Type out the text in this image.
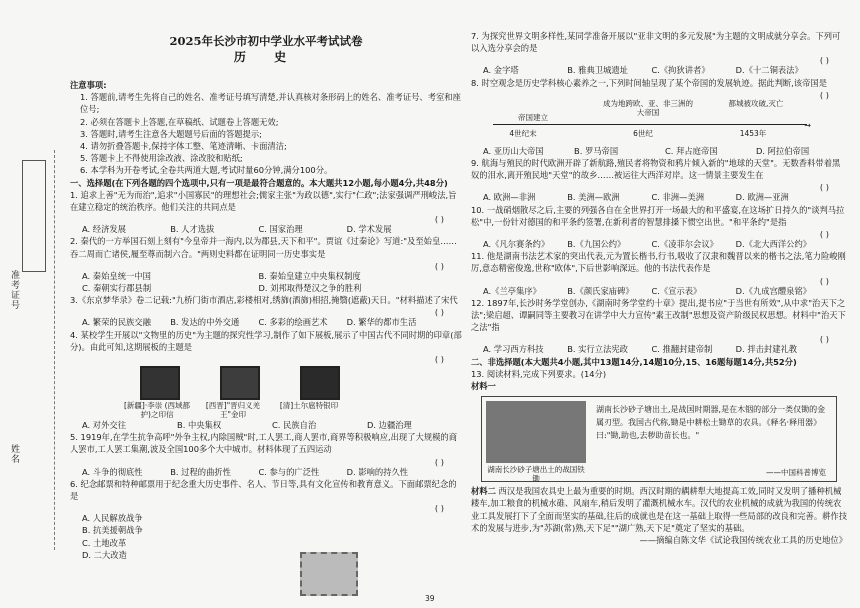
准考证号
姓名
2025年长沙市初中学业水平考试试卷
历 史
注意事项:
1. 答题前,请考生先将自己的姓名、准考证号填写清楚,并认真核对条形码上的姓名、准考证号、考室和座位号;
2. 必须在答题卡上答题,在草稿纸、试题卷上答题无效;
3. 答题时,请考生注意各大题题号后面的答题提示;
4. 请勿折叠答题卡,保持字体工整、笔迹清晰、卡面清洁;
5. 答题卡上不得使用涂改液、涂改胶和贴纸;
6. 本学科为开卷考试,全卷共两道大题,考试时量60分钟,满分100分。
一、选择题(在下列各题的四个选项中,只有一项是最符合题意的。本大题共12小题,每小题4分,共48分)
1. 追求上善"无为而治",追求"小国寡民"的理想社会;儒家主张"为政以德",实行"仁政";法家强调严刑峻法,旨在建立稳定的统治秩序。他们关注的共同点是
( )
A. 经济发展	B. 人才选拔	C. 国家治理	D. 学术发展
2. 秦代的一方举国石刻上刻有"今皇帝并一海内,以为郡县,天下和平"。贾谊《过秦论》写道:"及至始皇……吞二周而亡诸侯,履至尊而制六合。"两则史料都在证明同一历史事实是
( )
A. 秦始皇统一中国	B. 秦始皇建立中央集权制度
C. 秦朝实行郡县制	D. 刘邦取得楚汉之争的胜利
3.《东京梦华录》卷二记载:"九桥门街市酒店,彩楼相对,绣旆(酒旆)相招,掩翳(遮蔽)天日。"材料描述了宋代
( )
A. 繁荣的民族交融	B. 发达的中外交通	C. 多彩的绘画艺术	D. 繁华的都市生活
4. 某校学生开展以"文物里的历史"为主题的探究性学习,制作了如下展板,展示了中国古代不同时期的印章(部分)。由此可知,这期展板的主题是
( )
[新疆]·李崇 (西域都护)之印信
[西晋]"晋归义羌王"金印
[清]土尔扈特银印
A. 对外交往	B. 中央集权	C. 民族自治	D. 边疆治理
5. 1919年,在学生抗争高呼"外争主权,内除国贼"时,工人罢工,商人罢市,商界等积极响应,出现了大规模的商人罢市,工人罢工集潮,波及全国100多个大中城市。材料体现了五四运动
( )
A. 斗争的彻底性	B. 过程的曲折性	C. 参与的广泛性	D. 影响的持久性
6. 纪念邮票和特种邮票用于纪念重大历史事件、名人、节日等,具有文化宣传和教育意义。下面邮票纪念的是
( )
A. 人民解放战争
B. 抗美援朝战争
C. 土地改革
D. 二大改造
7. 为探究世界文明多样性,某同学准备开展以"亚非文明的多元发展"为主题的文明成就分享会。下列可以入选分享会的是
( )
A. 金字塔	B. 雅典卫城遗址	C.《拘狄讲者》	D.《十二铜表法》
8. 时空观念是历史学科核心素养之一,下列时间轴呈现了某个帝国的发展轨迹。据此判断,该帝国是
( )
→
帝国建立
成为地跨欧、亚、非三洲的大帝国
都城被攻破,灭亡
4世纪末	6世纪	1453年
A. 亚历山大帝国	B. 罗马帝国	C. 拜占庭帝国	D. 阿拉伯帝国
9. 航海与殖民的时代欧洲开辟了新航路,殖民者将物资和鸦片倾入新的"地球的天堂"。无数香料带着黑奴的泪水,离开殖民地"天堂"的故乡……被运往大西洋对岸。这一情景主要发生在
( )
A. 欧洲—非洲	B. 美洲—欧洲	C. 非洲—美洲	D. 欧洲—亚洲
10. 一战硝烟散尽之后,主要的列强各自在全世界打开一场最大的和平盛宴,在这场扩日持久的"谈判马拉松"中,一份针对德国的和平条约签署,在新利者的智慧排搡下惯空出世。"和平条约"是指
( )
A.《凡尔赛条约》	B.《九国公约》	C.《凌菲尔会议》	D.《北大西洋公约》
11. 他是湖南书法艺术家的突出代表,元为置长楷书,行书,吸收了汉隶和魏晋以来的楷书之法,笔力险峻刚厉,意态精密俊逸,世称"欧体",下后世影响深远。他的书法代表作是
( )
A.《兰亭集序》	B.《颜氏家庙碑》	C.《宣示表》	D.《九成宫醴泉铭》
12. 1897年,长沙时务学堂创办,《湖南时务学堂约十章》提出,提书应"于当世有所效",从中求"治天下之法";梁启超、谭嗣同等主要教习在讲学中大力宣传"素王改制"思想及资产阶级民权思想。材料中"治天下之法"指
( )
A. 学习西方科技	B. 实行立法宪政	C. 推翻封建帝制	D. 拌击封建礼教
二、非选择题(本大题共4小题,其中13题14分,14题10分,15、16题每题14分,共52分)
13. 阅读材料,完成下列要求。(14分)
材料一
湖南长沙砂子塘出土的战国铁锄
湖南长沙砂子塘出土,是战国时期器,是在木铟的部分一类仅锄的金属刃型。我国古代称,锄是中耕松土锄草的农具。《释名·释用器》曰:"锄,助也,去秽助苗长也。"
——中国科普博览
材料二 西汉是我国农具史上最为重要的时期。西汉时期的耦耕犁大地提高工效,同时又发明了播种机械耧车,加工粮食的机械水碓、风扇车,稍后发明了灌溉机械水车。汉代的农业机械的成就为我国的传统农业工具发展打下了全面而坚实的基础,往后的成就也是在这一基础上取得一些局部的改良和完善。耕作技术的发展与进步,为"苏湖(常)熟,天下足""湖广熟,天下足"奠定了坚实的基础。
——摘编自陈文华《试论我国传统农业工具的历史地位》
39
